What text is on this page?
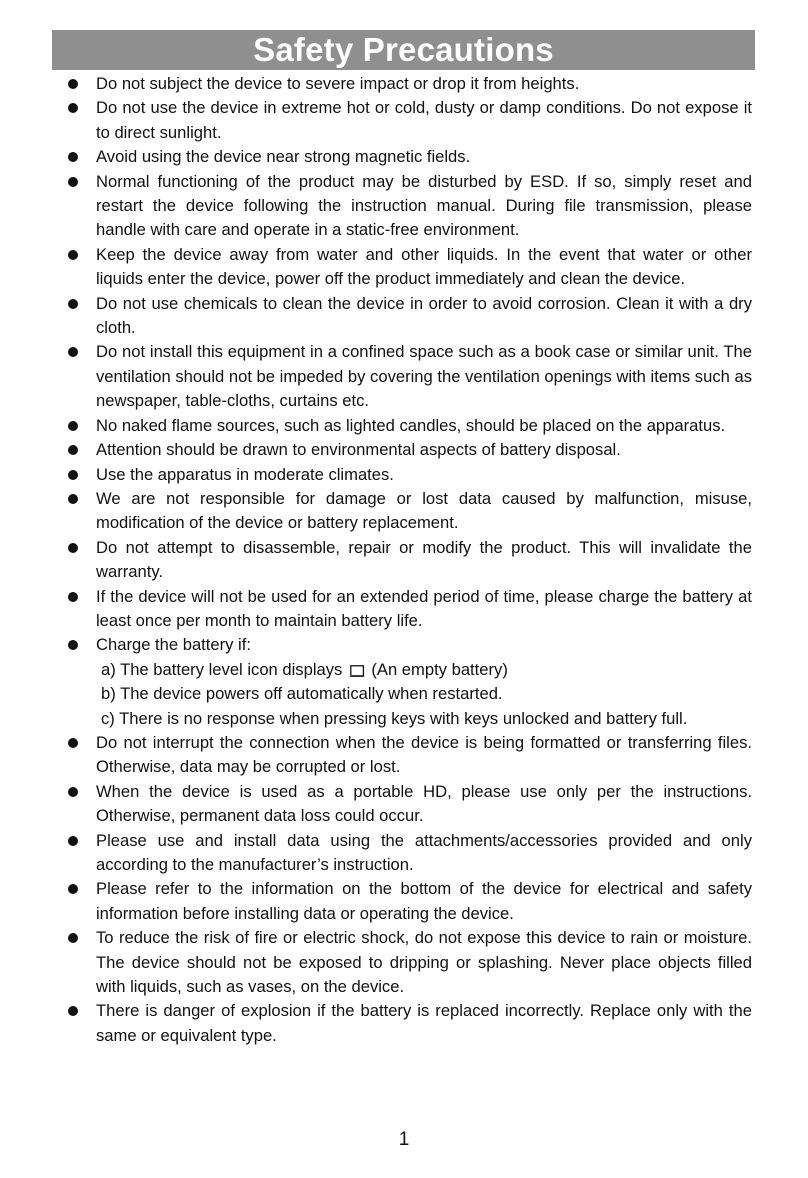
Safety Precautions
Do not subject the device to severe impact or drop it from heights.
Do not use the device in extreme hot or cold, dusty or damp conditions. Do not expose it to direct sunlight.
Avoid using the device near strong magnetic fields.
Normal functioning of the product may be disturbed by ESD. If so, simply reset and restart the device following the instruction manual. During file transmission, please handle with care and operate in a static-free environment.
Keep the device away from water and other liquids. In the event that water or other liquids enter the device, power off the product immediately and clean the device.
Do not use chemicals to clean the device in order to avoid corrosion. Clean it with a dry cloth.
Do not install this equipment in a confined space such as a book case or similar unit. The ventilation should not be impeded by covering the ventilation openings with items such as newspaper, table-cloths, curtains etc.
No naked flame sources, such as lighted candles, should be placed on the apparatus.
Attention should be drawn to environmental aspects of battery disposal.
Use the apparatus in moderate climates.
We are not responsible for damage or lost data caused by malfunction, misuse, modification of the device or battery replacement.
Do not attempt to disassemble, repair or modify the product. This will invalidate the warranty.
If the device will not be used for an extended period of time, please charge the battery at least once per month to maintain battery life.
Charge the battery if:
a) The battery level icon displays (An empty battery)
b) The device powers off automatically when restarted.
c) There is no response when pressing keys with keys unlocked and battery full.
Do not interrupt the connection when the device is being formatted or transferring files. Otherwise, data may be corrupted or lost.
When the device is used as a portable HD, please use only per the instructions. Otherwise, permanent data loss could occur.
Please use and install data using the attachments/accessories provided and only according to the manufacturer’s instruction.
Please refer to the information on the bottom of the device for electrical and safety information before installing data or operating the device.
To reduce the risk of fire or electric shock, do not expose this device to rain or moisture. The device should not be exposed to dripping or splashing. Never place objects filled with liquids, such as vases, on the device.
There is danger of explosion if the battery is replaced incorrectly. Replace only with the same or equivalent type.
1
